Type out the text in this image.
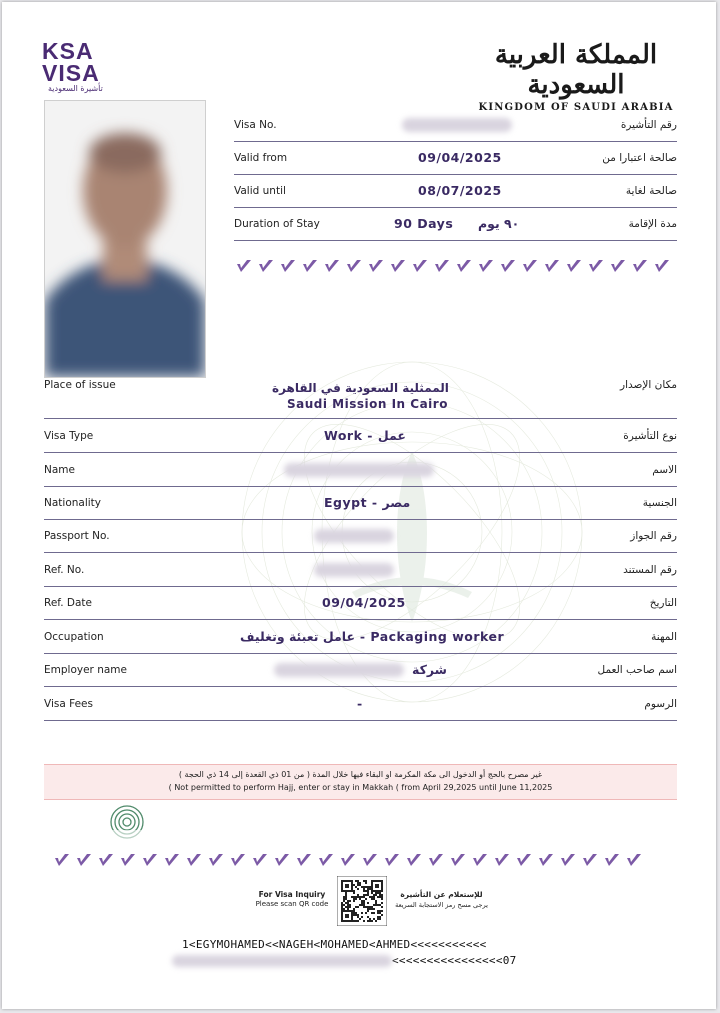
KSA
VISA
تأشيرة السعودية
المملكة العربية السعودية
KINGDOM OF SAUDI ARABIA
Visa No.	رقم التأشيرة
Valid from	09/04/2025	صالحة اعتبارا من
Valid until	08/07/2025	صالحة لغاية
Duration of Stay	90 Days ٩٠ يوم	مدة الإقامة
Place of issue	الممثلية السعودية في القاهرة
Saudi Mission In Cairo
مكان الإصدار
Visa Type	Work - عمل	نوع التأشيرة
Name	الاسم
Nationality	Egypt - مصر	الجنسية
Passport No.	رقم الجواز
Ref. No.	رقم المستند
Ref. Date	09/04/2025	التاريخ
Occupation	Packaging worker - عامل تعبئة وتغليف	المهنة
Employer name	شركة	اسم صاحب العمل
Visa Fees	-	الرسوم
غير مصرح بالحج أو الدخول الى مكة المكرمة او البقاء فيها خلال المدة ( من 01 ذي القعدة إلى 14 ذي الحجة )
( Not permitted to perform Hajj, enter or stay in Makkah ( from April 29,2025 until June 11,2025
For Visa Inquiry
Please scan QR code
للإستعلام عن التأشيرة
يرجى مسح رمز الاستجابة السريعة
1<EGYMOHAMED<<NAGEH<MOHAMED<AHMED<<<<<<<<<<<
<<<<<<<<<<<<<<<<07
